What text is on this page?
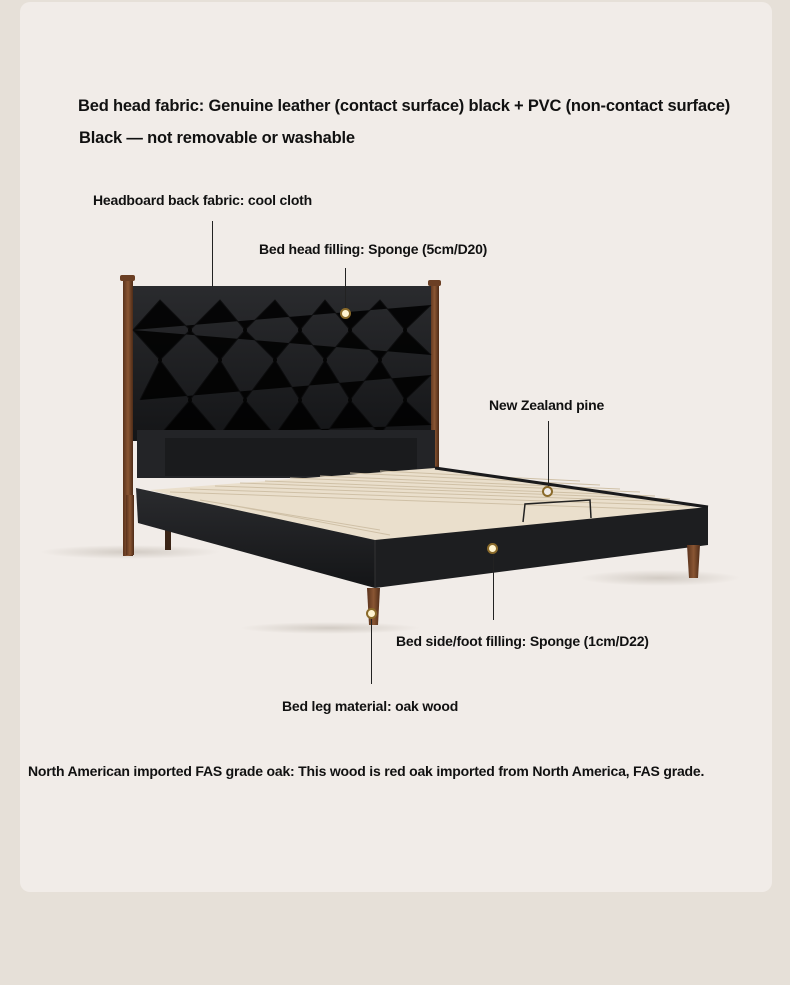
Bed head fabric: Genuine leather (contact surface) black + PVC (non-contact surface)
Black — not removable or washable
Headboard back fabric: cool cloth
Bed head filling: Sponge (5cm/D20)
New Zealand pine
Bed side/foot filling: Sponge (1cm/D22)
Bed leg material: oak wood
North American imported FAS grade oak: This wood is red oak imported from North America, FAS grade.
